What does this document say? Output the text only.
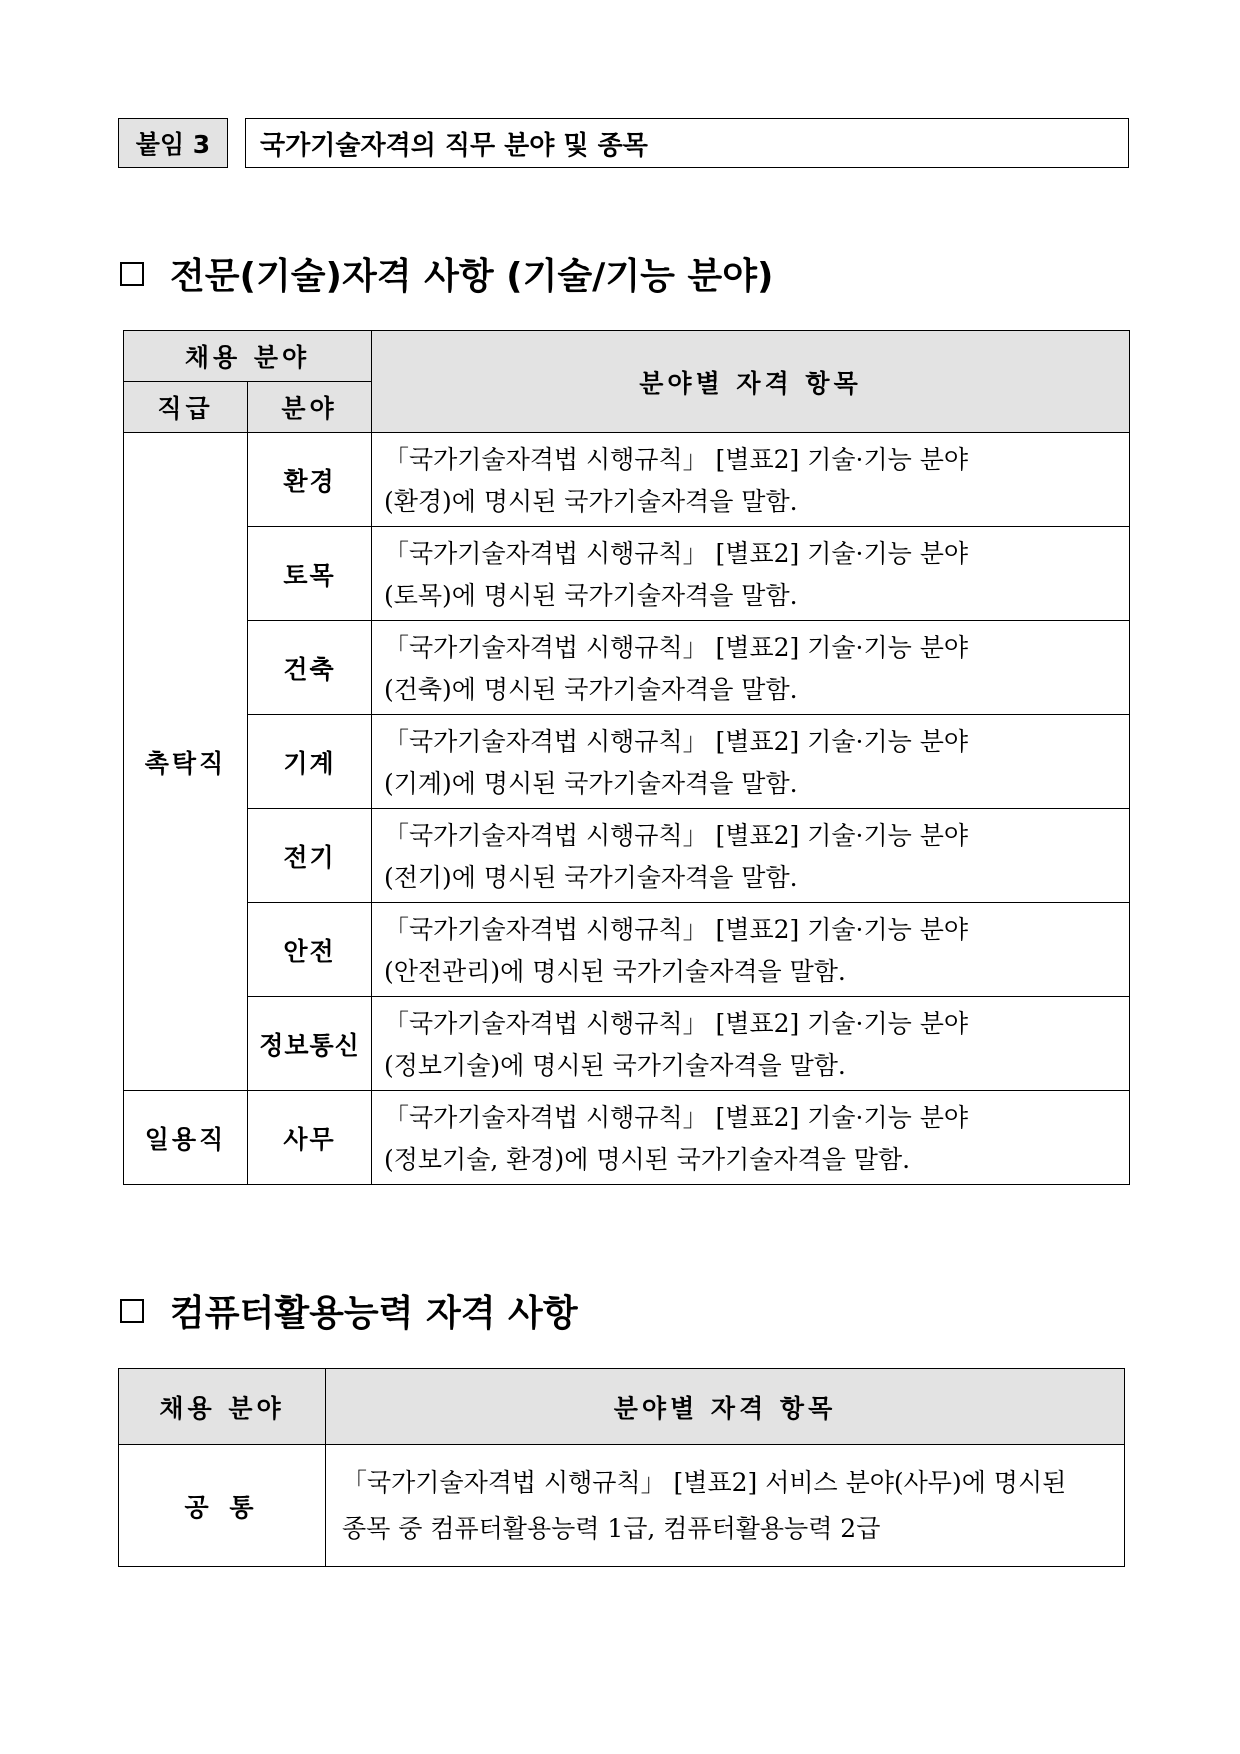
붙임 3	국가기술자격의 직무 분야 및 종목
전문(기술)자격 사항 (기술/기능 분야)
채용 분야		분야별 자격 항목
직급	분야	
촉탁직	환경	「국가기술자격법 시행규칙」 [별표2] 기술·기능 분야
(환경)에 명시된 국가기술자격을 말함.

	토목	「국가기술자격법 시행규칙」 [별표2] 기술·기능 분야
(토목)에 명시된 국가기술자격을 말함.

	건축	「국가기술자격법 시행규칙」 [별표2] 기술·기능 분야
(건축)에 명시된 국가기술자격을 말함.

	기계	「국가기술자격법 시행규칙」 [별표2] 기술·기능 분야
(기계)에 명시된 국가기술자격을 말함.

	전기	「국가기술자격법 시행규칙」 [별표2] 기술·기능 분야
(전기)에 명시된 국가기술자격을 말함.

	안전	「국가기술자격법 시행규칙」 [별표2] 기술·기능 분야
(안전관리)에 명시된 국가기술자격을 말함.

	정보통신	「국가기술자격법 시행규칙」 [별표2] 기술·기능 분야
(정보기술)에 명시된 국가기술자격을 말함.

일용직	사무	「국가기술자격법 시행규칙」 [별표2] 기술·기능 분야
(정보기술, 환경)에 명시된 국가기술자격을 말함.
컴퓨터활용능력 자격 사항
채용 분야	분야별 자격 항목
공 통	「국가기술자격법 시행규칙」 [별표2] 서비스 분야(사무)에 명시된
종목 중 컴퓨터활용능력 1급, 컴퓨터활용능력 2급
